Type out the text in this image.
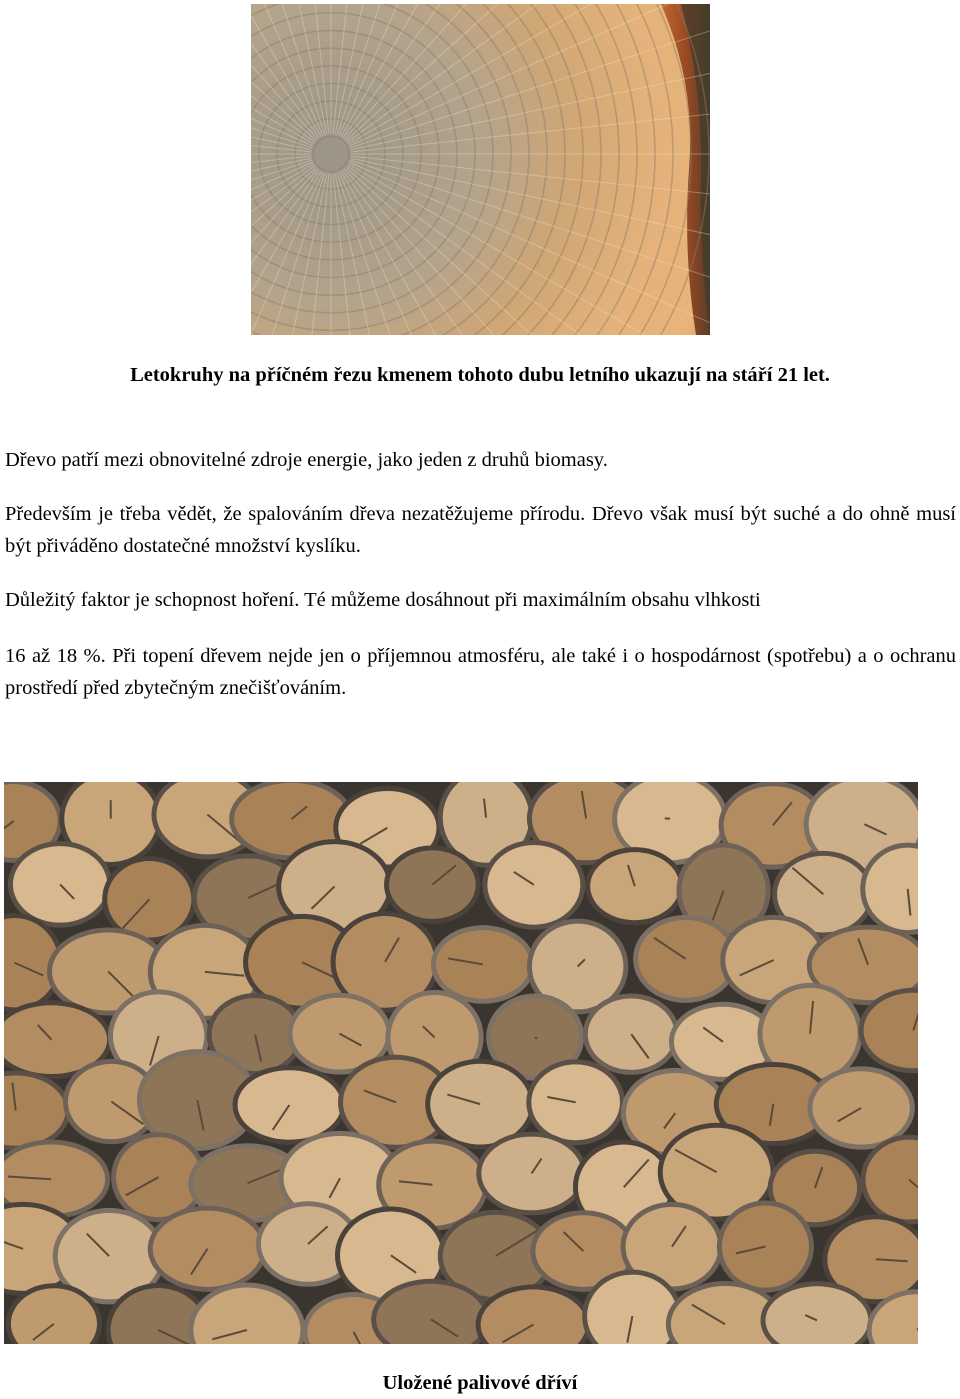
Letokruhy na příčném řezu kmenem tohoto dubu letního ukazují na stáří 21 let.

Dřevo patří mezi obnovitelné zdroje energie, jako jeden z druhů biomasy.

Především je třeba vědět, že spalováním dřeva nezatěžujeme přírodu. Dřevo však musí být suché a do ohně musí být přiváděno dostatečné množství kyslíku.

Důležitý faktor je schopnost hoření. Té můžeme dosáhnout při maximálním obsahu vlhkosti

16 až 18 %. Při topení dřevem nejde jen o příjemnou atmosféru, ale také i o hospodárnost (spotřebu) a o ochranu prostředí před zbytečným znečišťováním.

Uložené palivové dříví
